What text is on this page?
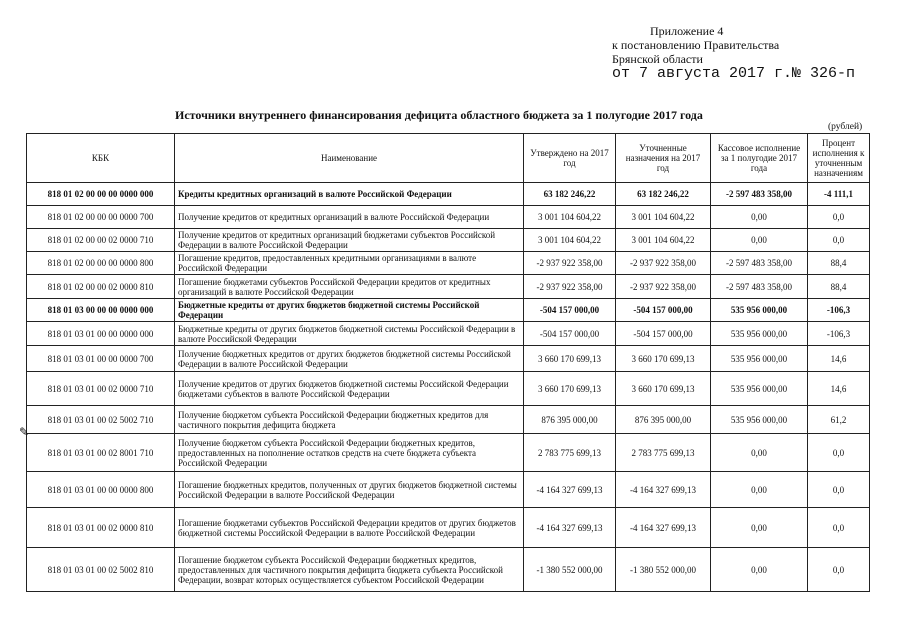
Приложение 4
к постановлению Правительства
Брянской области
от 7 августа 2017 г.№ 326-п
Источники внутреннего финансирования дефицита областного бюджета за 1 полугодие 2017 года
(рублей)
КБК	Наименование	Утверждено на 2017 год	Уточненные назначения на 2017 год	Кассовое исполнение за 1 полугодие 2017 года	Процент исполнения к уточненным назначениям
818 01 02 00 00 00 0000 000	Кредиты кредитных организаций в валюте Российской Федерации	63 182 246,22	63 182 246,22	-2 597 483 358,00	-4 111,1
818 01 02 00 00 00 0000 700	Получение кредитов от кредитных организаций в валюте Российской Федерации	3 001 104 604,22	3 001 104 604,22	0,00	0,0
818 01 02 00 00 02 0000 710	Получение кредитов от кредитных организаций бюджетами субъектов Российской Федерации в валюте Российской Федерации	3 001 104 604,22	3 001 104 604,22	0,00	0,0
818 01 02 00 00 00 0000 800	Погашение кредитов, предоставленных кредитными организациями в валюте Российской Федерации	-2 937 922 358,00	-2 937 922 358,00	-2 597 483 358,00	88,4
818 01 02 00 00 02 0000 810	Погашение бюджетами субъектов Российской Федерации кредитов от кредитных организаций в валюте Российской Федерации	-2 937 922 358,00	-2 937 922 358,00	-2 597 483 358,00	88,4
818 01 03 00 00 00 0000 000	Бюджетные кредиты от других бюджетов бюджетной системы Российской Федерации	-504 157 000,00	-504 157 000,00	535 956 000,00	-106,3
818 01 03 01 00 00 0000 000	Бюджетные кредиты от других бюджетов бюджетной системы Российской Федерации в валюте Российской Федерации	-504 157 000,00	-504 157 000,00	535 956 000,00	-106,3
818 01 03 01 00 00 0000 700	Получение бюджетных кредитов от других бюджетов бюджетной системы Российской Федерации в валюте Российской Федерации	3 660 170 699,13	3 660 170 699,13	535 956 000,00	14,6
818 01 03 01 00 02 0000 710	Получение кредитов от других бюджетов бюджетной системы Российской Федерации бюджетами субъектов в валюте Российской Федерации	3 660 170 699,13	3 660 170 699,13	535 956 000,00	14,6
818 01 03 01 00 02 5002 710	Получение бюджетом субъекта Российской Федерации бюджетных кредитов для частичного покрытия дефицита бюджета	876 395 000,00	876 395 000,00	535 956 000,00	61,2
818 01 03 01 00 02 8001 710	Получение бюджетом субъекта Российской Федерации бюджетных кредитов, предоставленных на пополнение остатков средств на счете бюджета субъекта Российской Федерации	2 783 775 699,13	2 783 775 699,13	0,00	0,0
818 01 03 01 00 00 0000 800	Погашение бюджетных кредитов, полученных от других бюджетов бюджетной системы Российской Федерации в валюте Российской Федерации	-4 164 327 699,13	-4 164 327 699,13	0,00	0,0
818 01 03 01 00 02 0000 810	Погашение бюджетами субъектов Российской Федерации кредитов от других бюджетов бюджетной системы Российской Федерации в валюте Российской Федерации	-4 164 327 699,13	-4 164 327 699,13	0,00	0,0
818 01 03 01 00 02 5002 810	Погашение бюджетом субъекта Российской Федерации бюджетных кредитов, предоставленных для частичного покрытия дефицита бюджета субъекта Российской Федерации, возврат которых осуществляется субъектом Российской Федерации	-1 380 552 000,00	-1 380 552 000,00	0,00	0,0
✎
